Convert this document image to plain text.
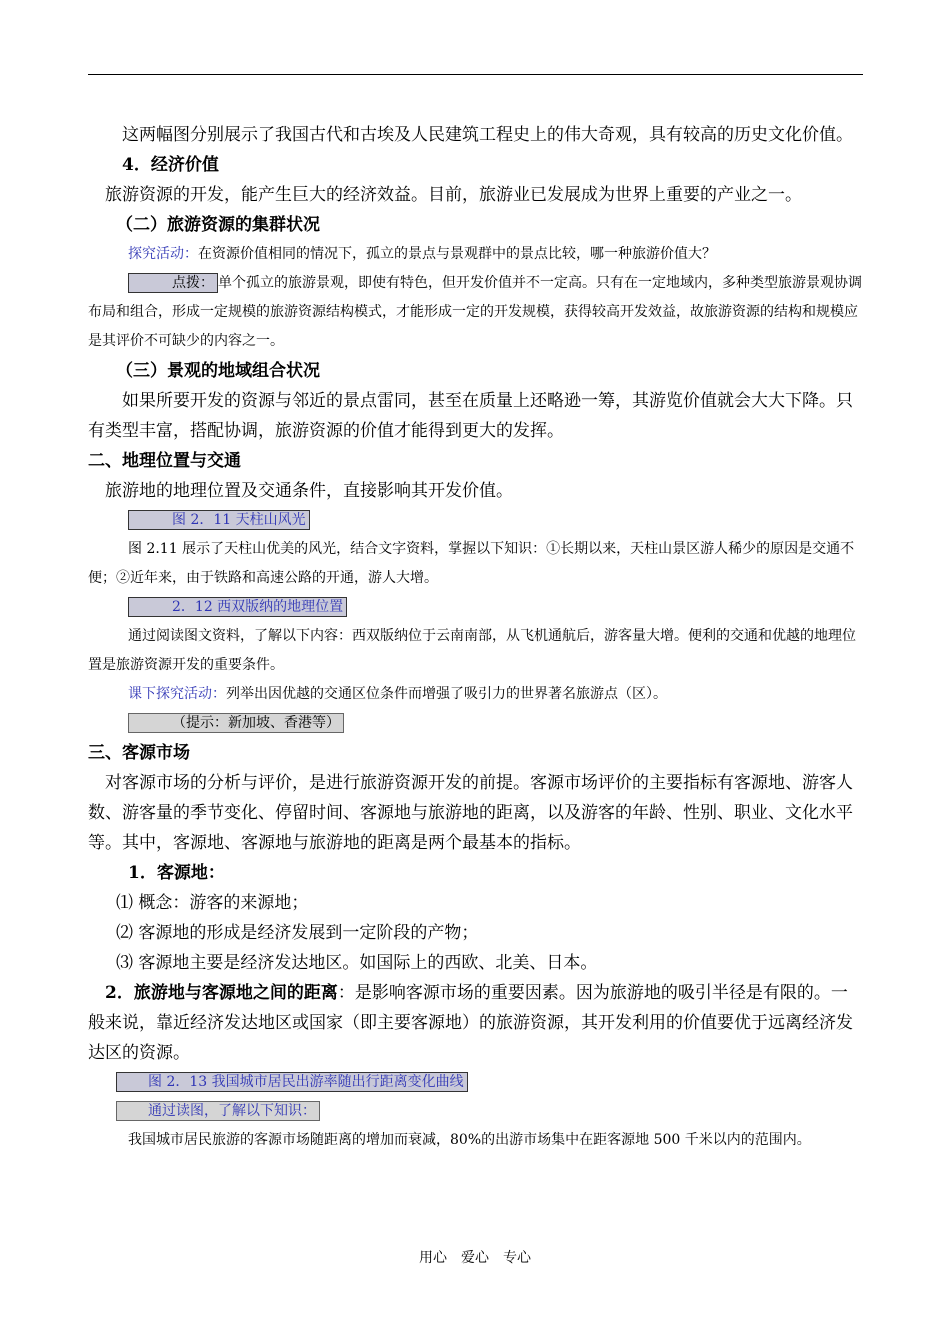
这两幅图分别展示了我国古代和古埃及人民建筑工程史上的伟大奇观，具有较高的历史文化价值。

4．经济价值

旅游资源的开发，能产生巨大的经济效益。目前，旅游业已发展成为世界上重要的产业之一。

（二）旅游资源的集群状况

探究活动：在资源价值相同的情况下，孤立的景点与景观群中的景点比较，哪一种旅游价值大？

点拨： 单个孤立的旅游景观，即使有特色，但开发价值并不一定高。只有在一定地域内，多种类型旅游景观协调布局和组合，形成一定规模的旅游资源结构模式，才能形成一定的开发规模，获得较高开发效益，故旅游资源的结构和规模应是其评价不可缺少的内容之一。

（三）景观的地域组合状况

如果所要开发的资源与邻近的景点雷同，甚至在质量上还略逊一筹，其游览价值就会大大下降。只有类型丰富，搭配协调，旅游资源的价值才能得到更大的发挥。

二、地理位置与交通

旅游地的地理位置及交通条件，直接影响其开发价值。

图 2．11 天柱山风光

图 2.11 展示了天柱山优美的风光，结合文字资料，掌握以下知识：①长期以来，天柱山景区游人稀少的原因是交通不便；②近年来，由于铁路和高速公路的开通，游人大增。

2．12 西双版纳的地理位置

通过阅读图文资料，了解以下内容：西双版纳位于云南南部，从飞机通航后，游客量大增。便利的交通和优越的地理位置是旅游资源开发的重要条件。

课下探究活动：列举出因优越的交通区位条件而增强了吸引力的世界著名旅游点（区）。

（提示：新加坡、香港等）

三、客源市场

对客源市场的分析与评价，是进行旅游资源开发的前提。客源市场评价的主要指标有客源地、游客人数、游客量的季节变化、停留时间、客源地与旅游地的距离，以及游客的年龄、性别、职业、文化水平等。其中，客源地、客源地与旅游地的距离是两个最基本的指标。

1．客源地：

⑴ 概念：游客的来源地；

⑵ 客源地的形成是经济发展到一定阶段的产物；

⑶ 客源地主要是经济发达地区。如国际上的西欧、北美、日本。

2．旅游地与客源地之间的距离：是影响客源市场的重要因素。因为旅游地的吸引半径是有限的。一般来说，靠近经济发达地区或国家（即主要客源地）的旅游资源，其开发利用的价值要优于远离经济发达区的资源。

图 2．13 我国城市居民出游率随出行距离变化曲线

通过读图，了解以下知识：

我国城市居民旅游的客源市场随距离的增加而衰减，80%的出游市场集中在距客源地 500 千米以内的范围内。

用心　爱心　专心
